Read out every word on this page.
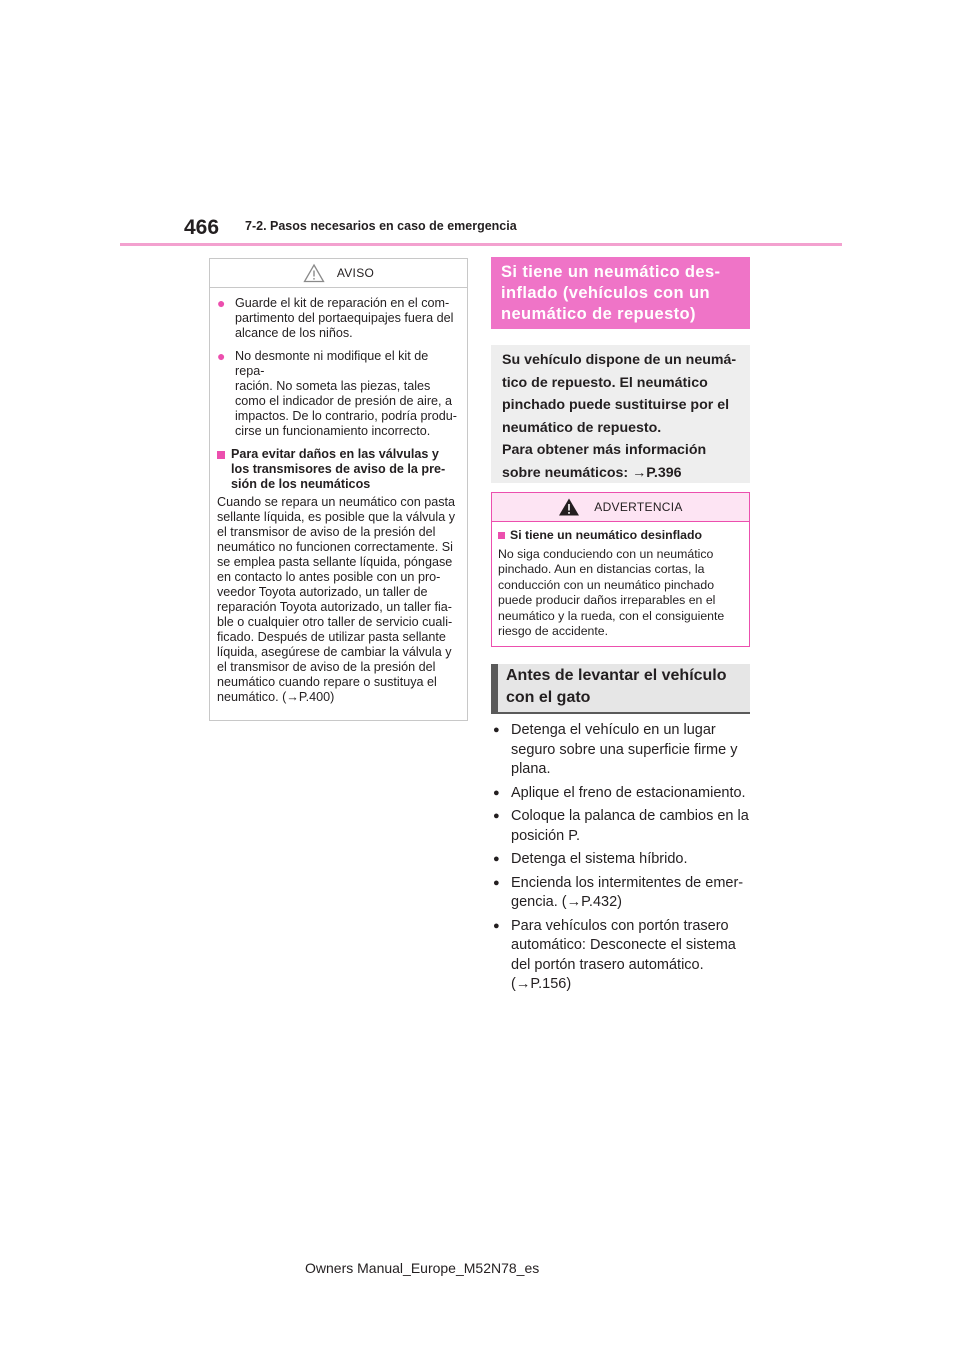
466 7-2. Pasos necesarios en caso de emergencia
AVISO
● Guarde el kit de reparación en el com-
partimento del portaequipajes fuera del
alcance de los niños.
● No desmonte ni modifique el kit de repa-
ración. No someta las piezas, tales
como el indicador de presión de aire, a
impactos. De lo contrario, podría produ-
cirse un funcionamiento incorrecto.
Para evitar daños en las válvulas y
los transmisores de aviso de la pre-
sión de los neumáticos
Cuando se repara un neumático con pasta
sellante líquida, es posible que la válvula y
el transmisor de aviso de la presión del
neumático no funcionen correctamente. Si
se emplea pasta sellante líquida, póngase
en contacto lo antes posible con un pro-
veedor Toyota autorizado, un taller de
reparación Toyota autorizado, un taller fia-
ble o cualquier otro taller de servicio cuali-
ficado. Después de utilizar pasta sellante
líquida, asegúrese de cambiar la válvula y
el transmisor de aviso de la presión del
neumático cuando repare o sustituya el
neumático. (→P.400)
Si tiene un neumático des-
inflado (vehículos con un
neumático de repuesto)
Su vehículo dispone de un neumá-
tico de repuesto. El neumático
pinchado puede sustituirse por el
neumático de repuesto.
Para obtener más información
sobre neumáticos: →P.396
ADVERTENCIA
Si tiene un neumático desinflado
No siga conduciendo con un neumático
pinchado. Aun en distancias cortas, la
conducción con un neumático pinchado
puede producir daños irreparables en el
neumático y la rueda, con el consiguiente
riesgo de accidente.
Antes de levantar el vehículo
con el gato
● Detenga el vehículo en un lugar
seguro sobre una superficie firme y
plana.
● Aplique el freno de estacionamiento.
● Coloque la palanca de cambios en la
posición P.
● Detenga el sistema híbrido.
● Encienda los intermitentes de emer-
gencia. (→P.432)
● Para vehículos con portón trasero
automático: Desconecte el sistema
del portón trasero automático.
(→P.156)
Owners Manual_Europe_M52N78_es
